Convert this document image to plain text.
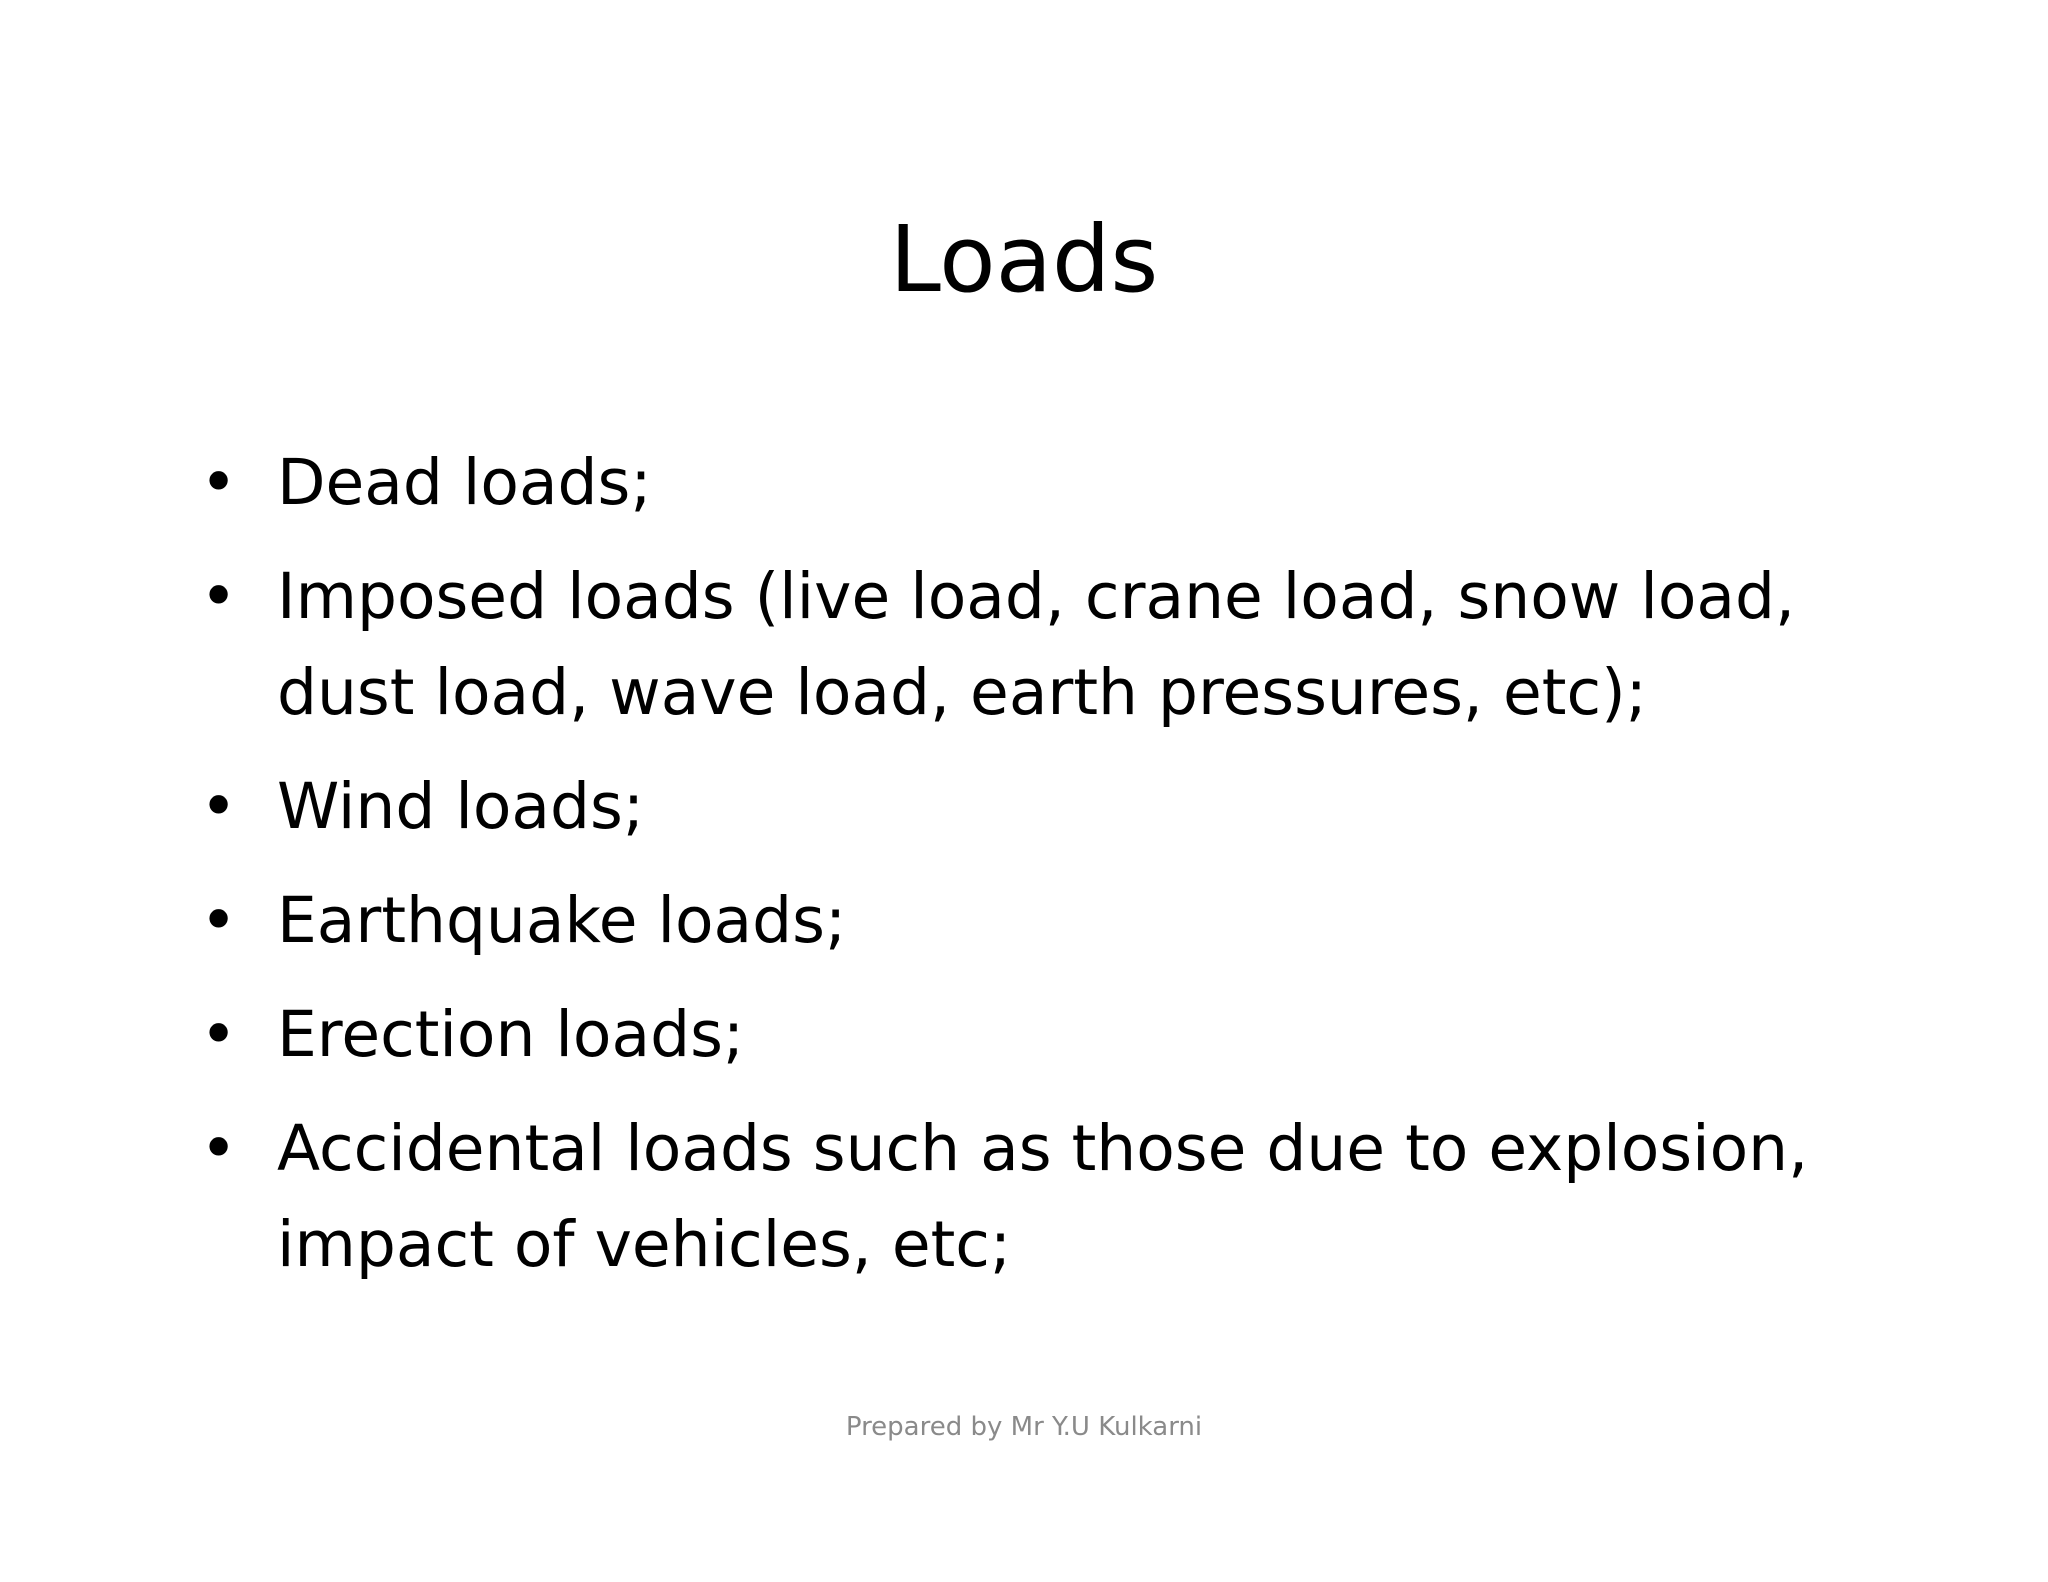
Loads
• Dead loads;
• Imposed loads (live load, crane load, snow load, dust load, wave load, earth pressures, etc);
• Wind loads;
• Earthquake loads;
• Erection loads;
• Accidental loads such as those due to explosion, impact of vehicles, etc;
Prepared by Mr Y.U Kulkarni
